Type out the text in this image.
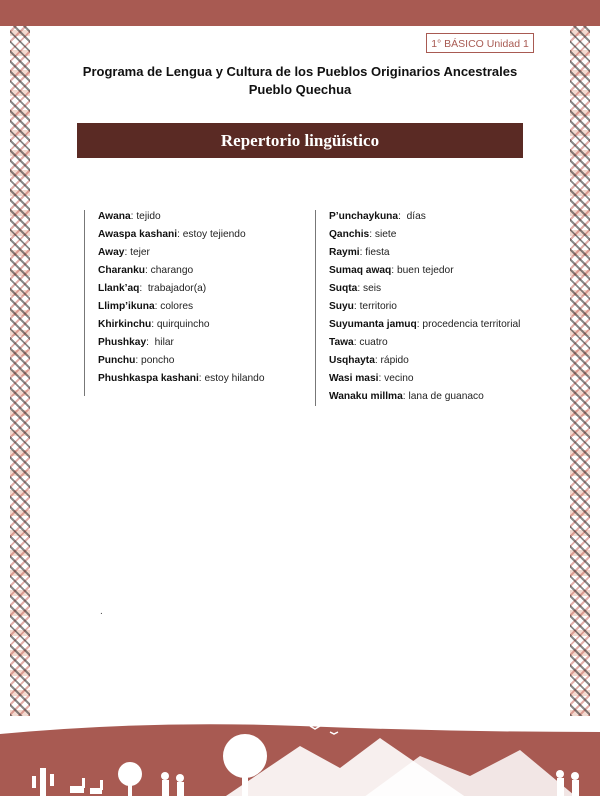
1° BÁSICO Unidad 1
Programa de Lengua y Cultura de los Pueblos Originarios Ancestrales
Pueblo Quechua
Repertorio lingüístico
Awana: tejido
Awaspa kashani: estoy tejiendo
Away: tejer
Charanku: charango
Llank’aq:  trabajador(a)
Llimp’ikuna: colores
Khirkinchu: quirquincho
Phushkay:  hilar
Punchu: poncho
Phushkaspa kashani: estoy hilando
P’unchaykuna:  días
Qanchis: siete
Raymi: fiesta
Sumaq awaq: buen tejedor
Suqta: seis
Suyu: territorio
Suyumanta jamuq: procedencia territorial
Tawa: cuatro
Usqhayta: rápido
Wasi masi: vecino
Wanaku millma: lana de guanaco
.
